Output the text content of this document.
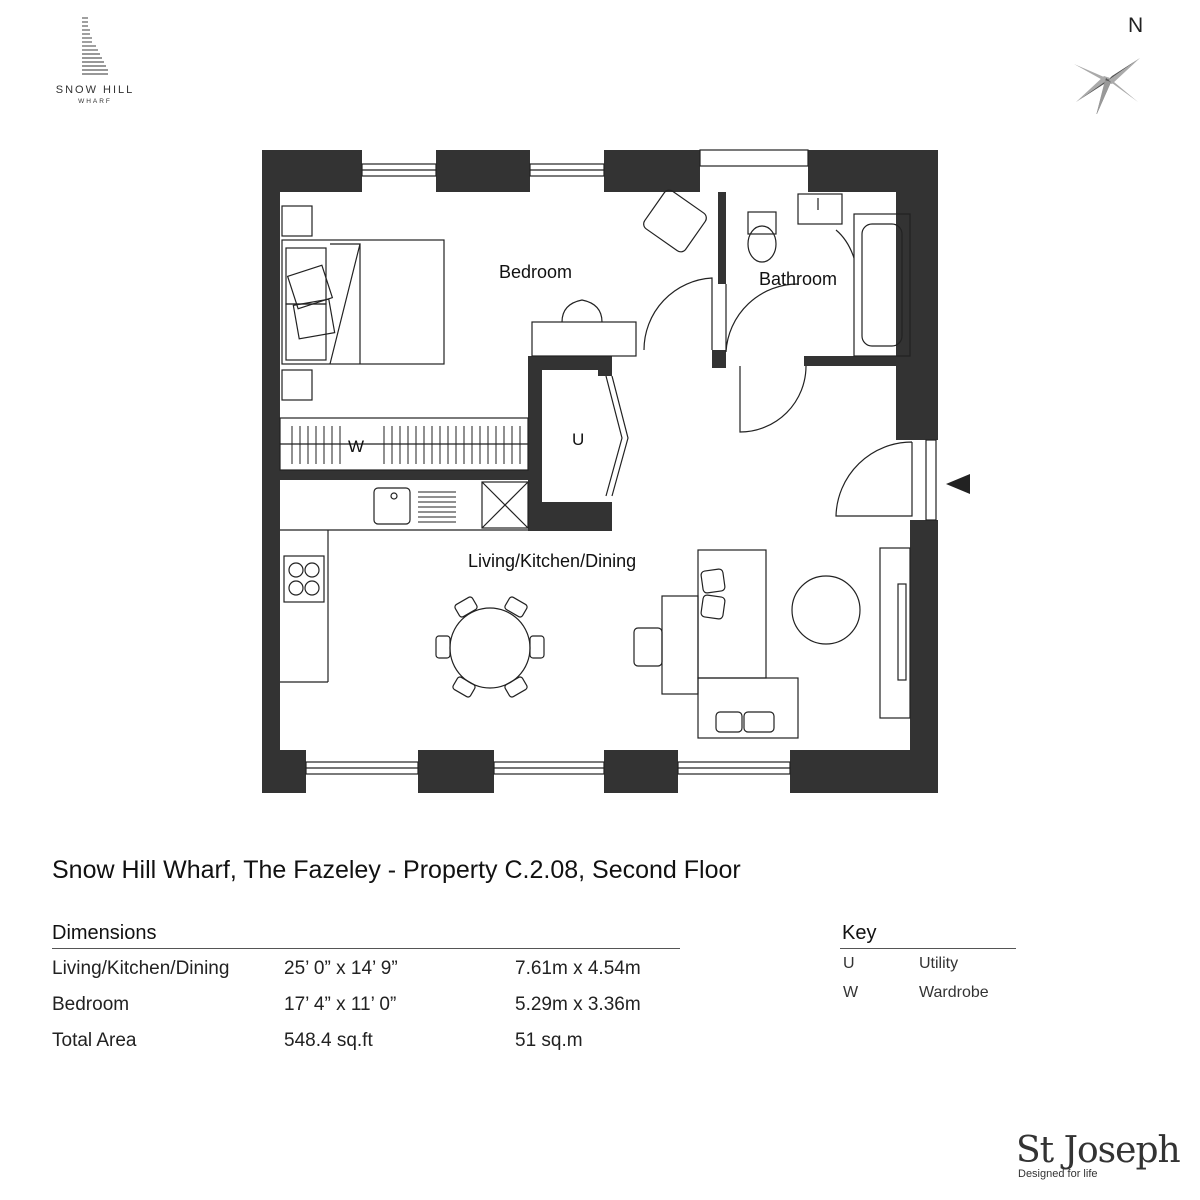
SNOW HILL
WHARF
N
Bedroom	Bathroom
Living/Kitchen/Dining
U
W
Snow Hill Wharf, The Fazeley - Property C.2.08, Second Floor
Dimensions
Living/Kitchen/Dining	25’ 0” x 14’ 9”	7.61m x 4.54m
Bedroom	17’ 4” x 11’ 0”	5.29m x 3.36m
Total Area	548.4 sq.ft	51 sq.m
Key
U	Utility
W	Wardrobe
St Joseph
Designed for life
